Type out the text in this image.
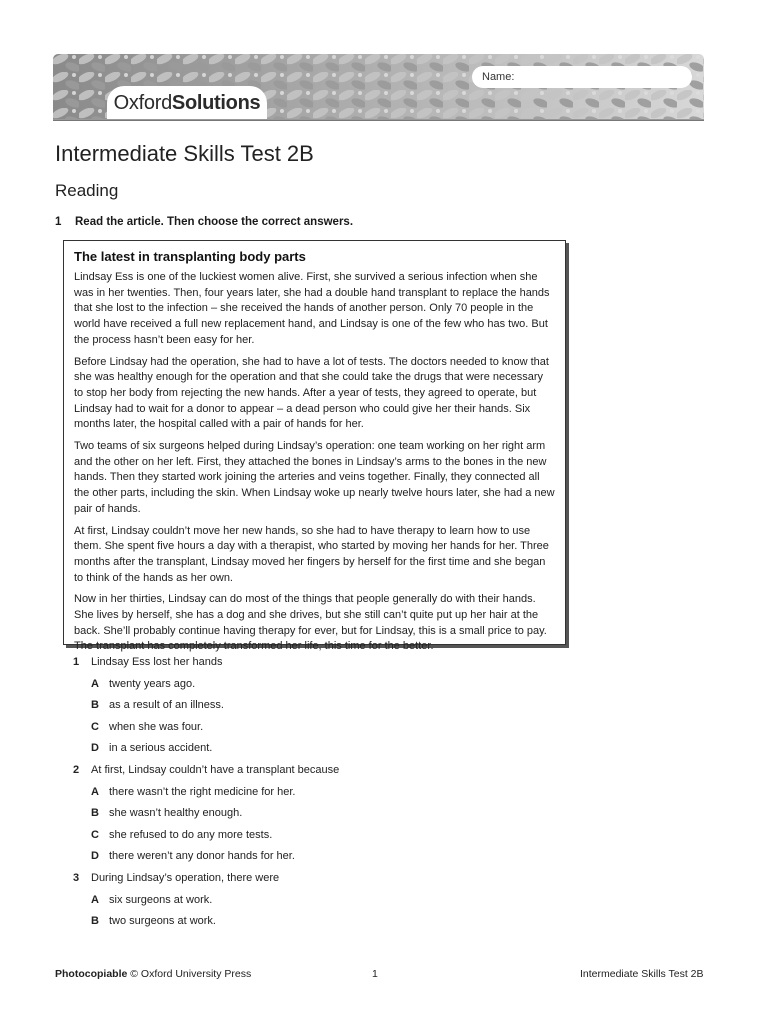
OxfordSolutions
Name:
Intermediate Skills Test 2B
Reading
1 Read the article. Then choose the correct answers.
The latest in transplanting body parts

Lindsay Ess is one of the luckiest women alive. First, she survived a serious infection when she was in her twenties. Then, four years later, she had a double hand transplant to replace the hands that she lost to the infection – she received the hands of another person. Only 70 people in the world have received a full new replacement hand, and Lindsay is one of the few who has two. But the process hasn’t been easy for her.

Before Lindsay had the operation, she had to have a lot of tests. The doctors needed to know that she was healthy enough for the operation and that she could take the drugs that were necessary to stop her body from rejecting the new hands. After a year of tests, they agreed to operate, but Lindsay had to wait for a donor to appear – a dead person who could give her their hands. Six months later, the hospital called with a pair of hands for her.

Two teams of six surgeons helped during Lindsay’s operation: one team working on her right arm and the other on her left. First, they attached the bones in Lindsay’s arms to the bones in the new hands. Then they started work joining the arteries and veins together. Finally, they connected all the other parts, including the skin. When Lindsay woke up nearly twelve hours later, she had a new pair of hands.

At first, Lindsay couldn’t move her new hands, so she had to have therapy to learn how to use them. She spent five hours a day with a therapist, who started by moving her hands for her. Three months after the transplant, Lindsay moved her fingers by herself for the first time and she began to think of the hands as her own.

Now in her thirties, Lindsay can do most of the things that people generally do with their hands. She lives by herself, she has a dog and she drives, but she still can’t quite put up her hair at the back. She’ll probably continue having therapy for ever, but for Lindsay, this is a small price to pay. The transplant has completely transformed her life, this time for the better.

1 Lindsay Ess lost her hands
A twenty years ago.
B as a result of an illness.
C when she was four.
D in a serious accident.
2 At first, Lindsay couldn’t have a transplant because
A there wasn’t the right medicine for her.
B she wasn’t healthy enough.
C she refused to do any more tests.
D there weren’t any donor hands for her.
3 During Lindsay’s operation, there were
A six surgeons at work.
B two surgeons at work.
Photocopiable © Oxford University Press	1	Intermediate Skills Test 2B
